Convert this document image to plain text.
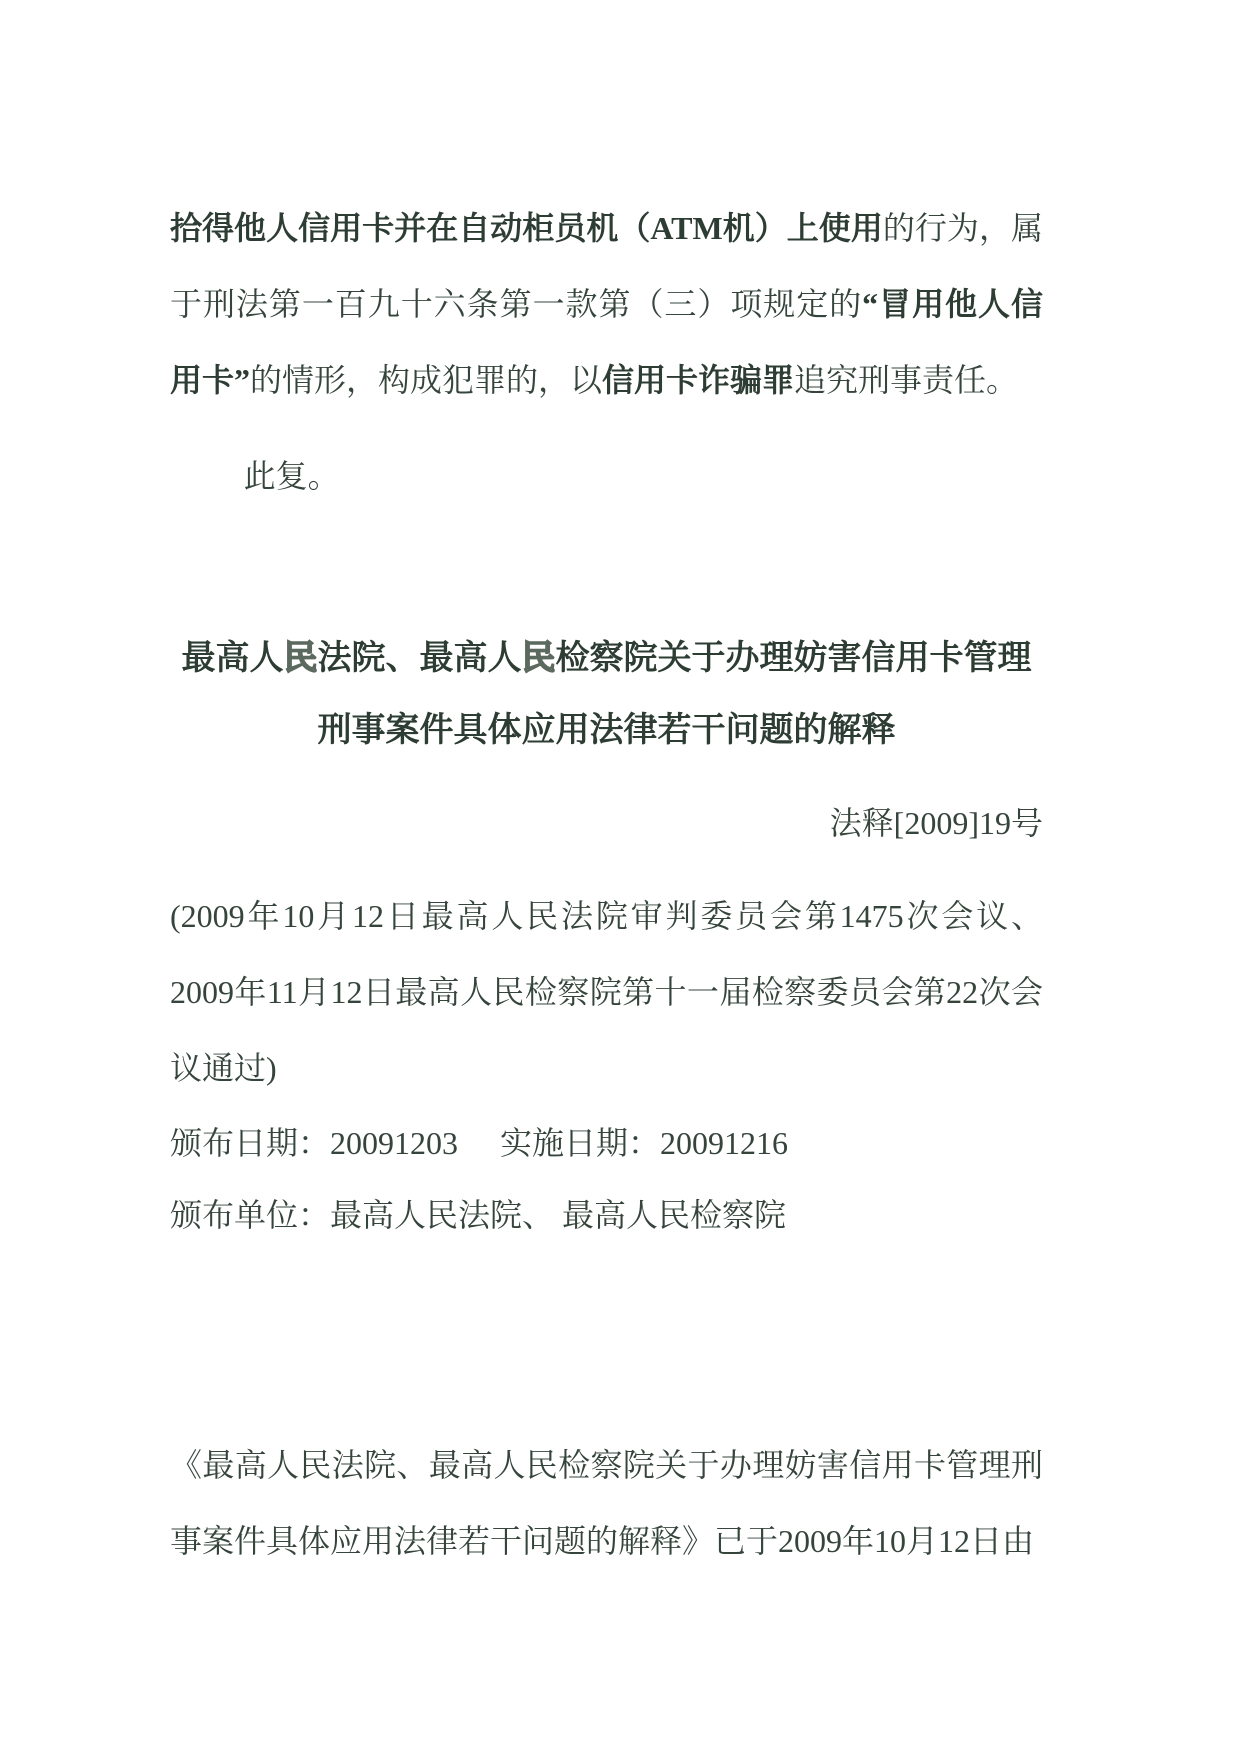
拾得他人信用卡并在自动柜员机（ATM机）上使用的行为，属于刑法第一百九十六条第一款第（三）项规定的“冒用他人信用卡”的情形，构成犯罪的，以信用卡诈骗罪追究刑事责任。

此复。

最高人民法院、最高人民检察院关于办理妨害信用卡管理刑事案件具体应用法律若干问题的解释

法释[2009]19号

(2009年10月12日最高人民法院审判委员会第1475次会议、2009年11月12日最高人民检察院第十一届检察委员会第22次会议通过)

颁布日期：20091203 实施日期：20091216

颁布单位：最高人民法院、 最高人民检察院

《最高人民法院、最高人民检察院关于办理妨害信用卡管理刑事案件具体应用法律若干问题的解释》已于2009年10月12日由
